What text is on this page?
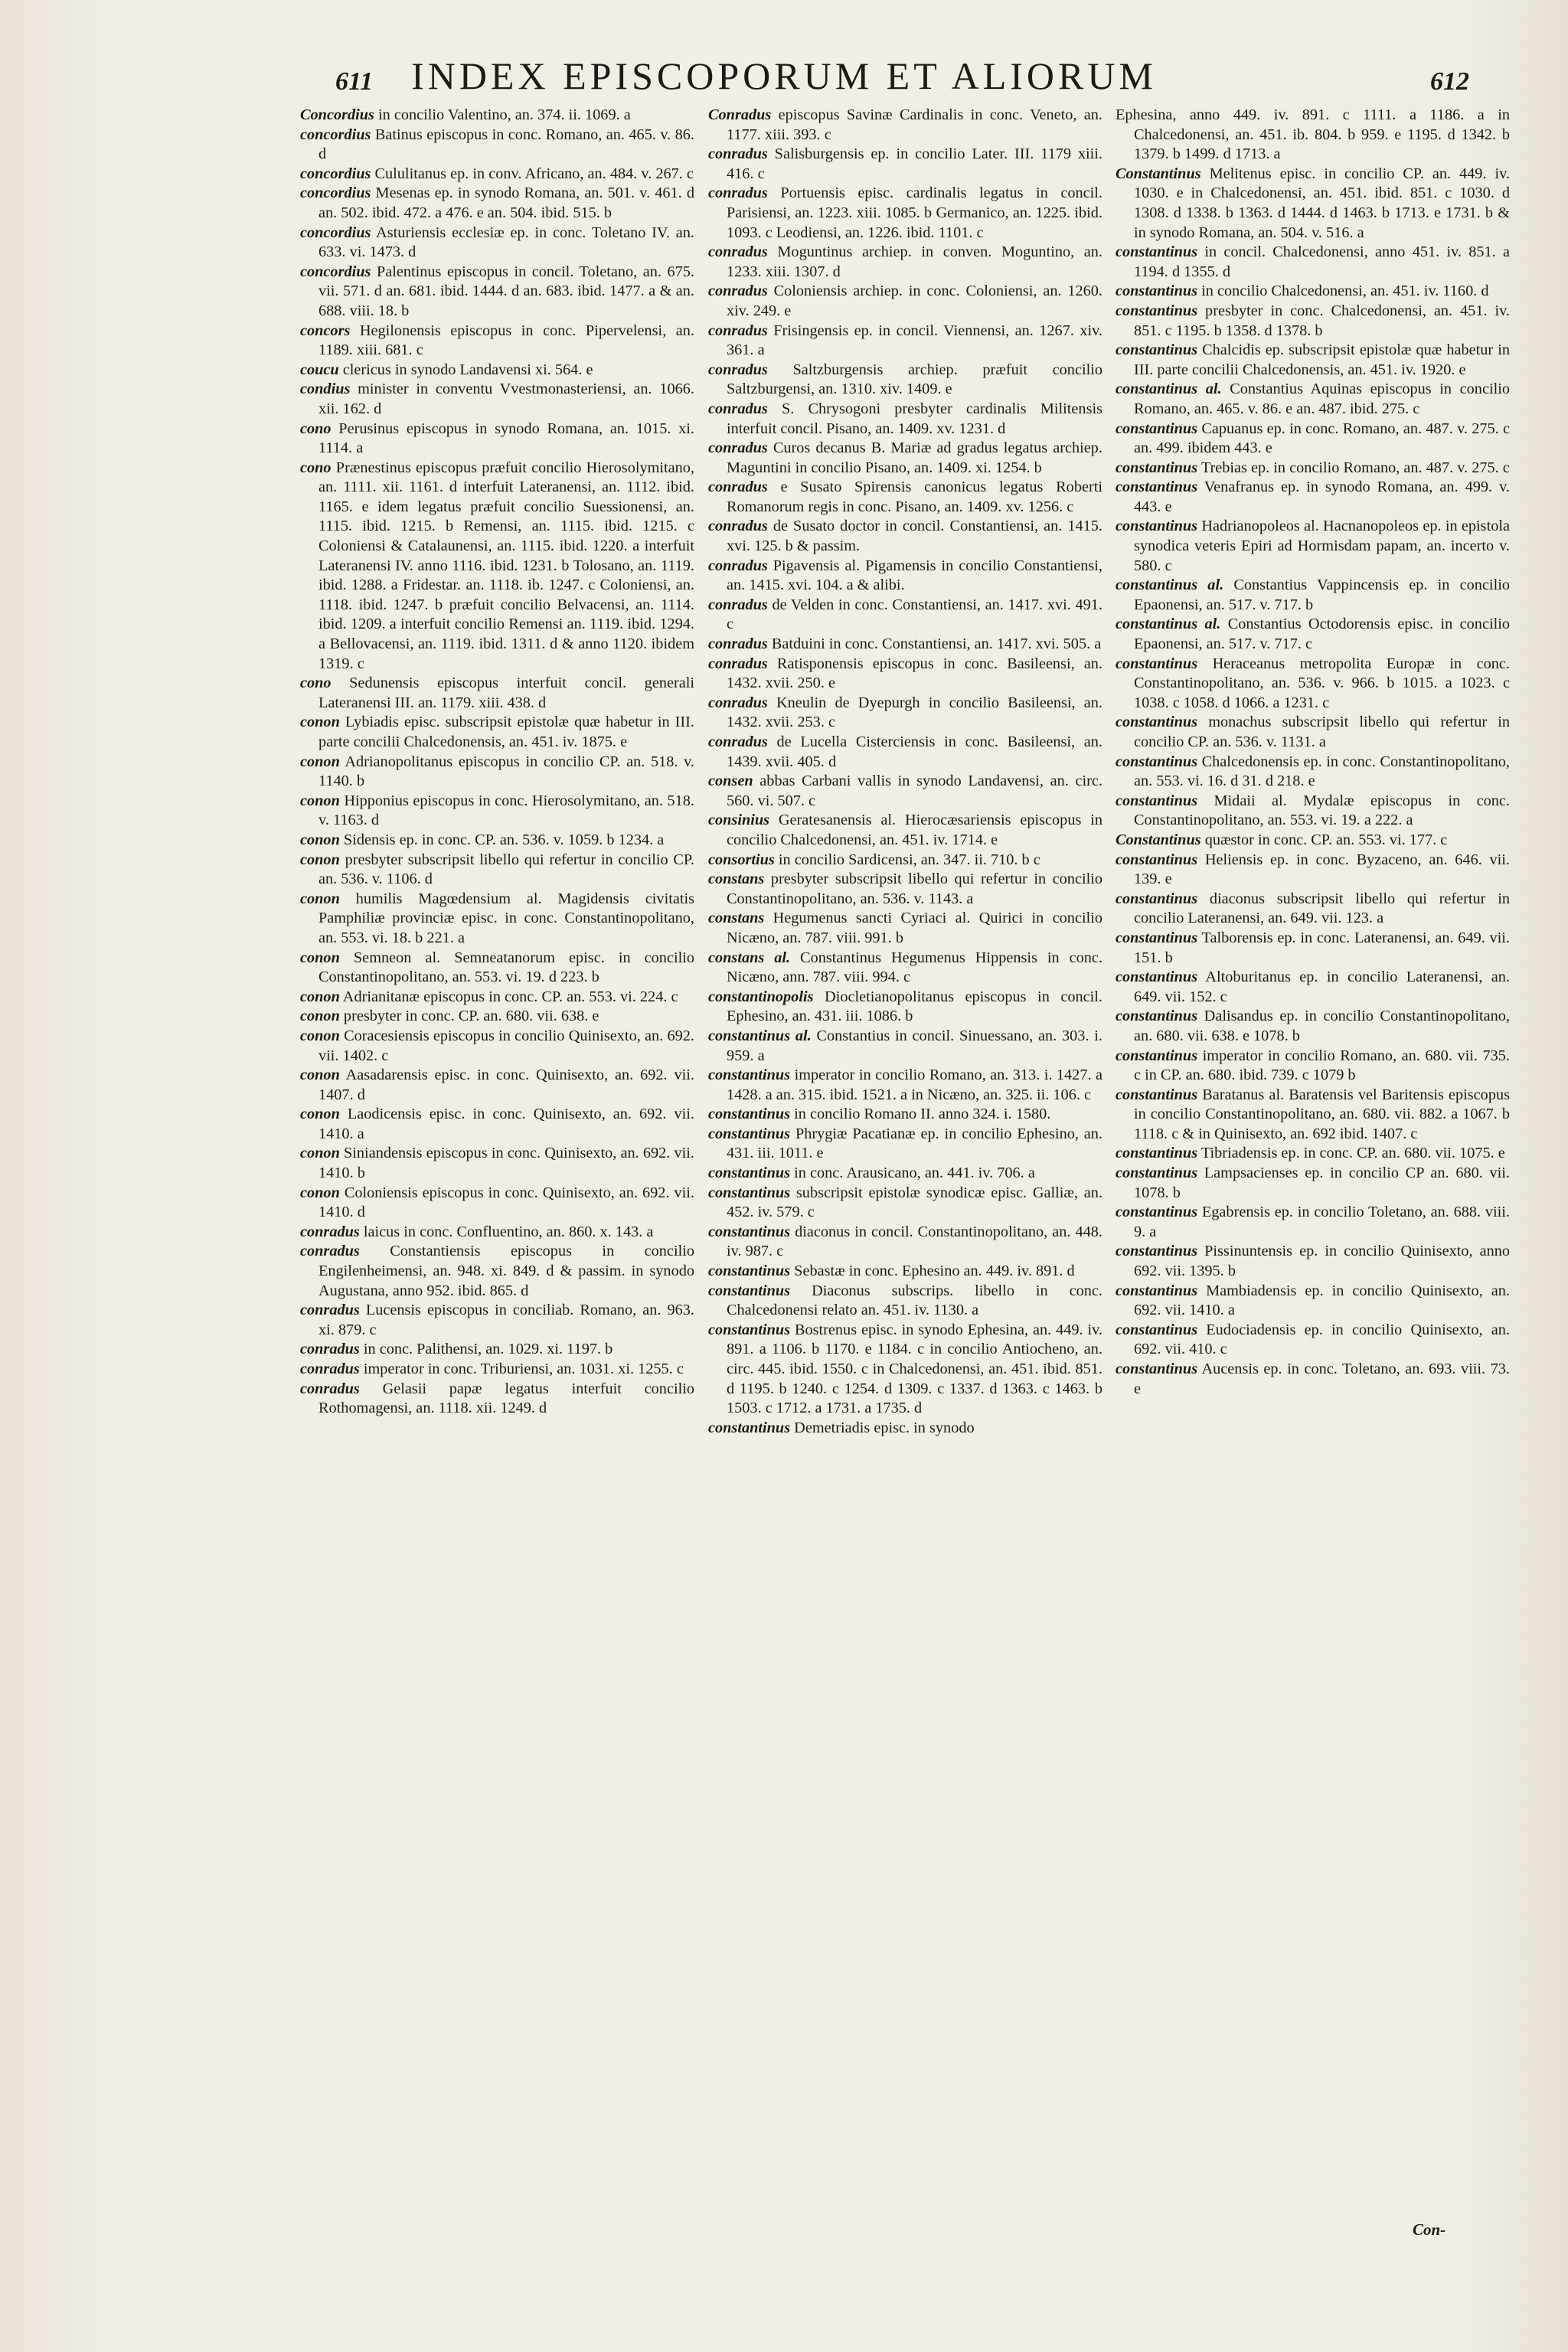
611 INDEX EPISCOPORUM ET ALIORUM	612

Concordius in concilio Valentino, an. 374. ii. 1069. a

concordius Batinus episcopus in conc. Romano, an. 465. v. 86. d

concordius Cululitanus ep. in conv. Africano, an. 484. v. 267. c

concordius Mesenas ep. in synodo Romana, an. 501. v. 461. d an. 502. ibid. 472. a 476. e an. 504. ibid. 515. b

concordius Asturiensis ecclesiæ ep. in conc. Toletano IV. an. 633. vi. 1473. d

concordius Palentinus episcopus in concil. Toletano, an. 675. vii. 571. d an. 681. ibid. 1444. d an. 683. ibid. 1477. a & an. 688. viii. 18. b

concors Hegilonensis episcopus in conc. Pipervelensi, an. 1189. xiii. 681. c

coucu clericus in synodo Landavensi xi. 564. e

condius minister in conventu Vvestmonasteriensi, an. 1066. xii. 162. d

cono Perusinus episcopus in synodo Romana, an. 1015. xi. 1114. a

cono Prænestinus episcopus præfuit concilio Hierosolymitano, an. 1111. xii. 1161. d interfuit Lateranensi, an. 1112. ibid. 1165. e idem legatus præfuit concilio Suessionensi, an. 1115. ibid. 1215. b Remensi, an. 1115. ibid. 1215. c Coloniensi & Catalaunensi, an. 1115. ibid. 1220. a interfuit Lateranensi IV. anno 1116. ibid. 1231. b Tolosano, an. 1119. ibid. 1288. a Fridestar. an. 1118. ib. 1247. c Coloniensi, an. 1118. ibid. 1247. b præfuit concilio Belvacensi, an. 1114. ibid. 1209. a interfuit concilio Remensi an. 1119. ibid. 1294. a Bellovacensi, an. 1119. ibid. 1311. d & anno 1120. ibidem 1319. c

cono Sedunensis episcopus interfuit concil. generali Lateranensi III. an. 1179. xiii. 438. d

conon Lybiadis episc. subscripsit epistolæ quæ habetur in III. parte concilii Chalcedonensis, an. 451. iv. 1875. e

conon Adrianopolitanus episcopus in concilio CP. an. 518. v. 1140. b

conon Hipponius episcopus in conc. Hierosolymitano, an. 518. v. 1163. d

conon Sidensis ep. in conc. CP. an. 536. v. 1059. b 1234. a

conon presbyter subscripsit libello qui refertur in concilio CP. an. 536. v. 1106. d

conon humilis Magœdensium al. Magidensis civitatis Pamphiliæ provinciæ episc. in conc. Constantinopolitano, an. 553. vi. 18. b 221. a

conon Semneon al. Semneatanorum episc. in concilio Constantinopolitano, an. 553. vi. 19. d 223. b

conon Adrianitanæ episcopus in conc. CP. an. 553. vi. 224. c

conon presbyter in conc. CP. an. 680. vii. 638. e

conon Coracesiensis episcopus in concilio Quinisexto, an. 692. vii. 1402. c

conon Aasadarensis episc. in conc. Quinisexto, an. 692. vii. 1407. d

conon Laodicensis episc. in conc. Quinisexto, an. 692. vii. 1410. a

conon Siniandensis episcopus in conc. Quinisexto, an. 692. vii. 1410. b

conon Coloniensis episcopus in conc. Quinisexto, an. 692. vii. 1410. d

conradus laicus in conc. Confluentino, an. 860. x. 143. a

conradus Constantiensis episcopus in concilio Engilenheimensi, an. 948. xi. 849. d & passim. in synodo Augustana, anno 952. ibid. 865. d

conradus Lucensis episcopus in conciliab. Romano, an. 963. xi. 879. c

conradus in conc. Palithensi, an. 1029. xi. 1197. b

conradus imperator in conc. Triburiensi, an. 1031. xi. 1255. c

conradus Gelasii papæ legatus interfuit concilio Rothomagensi, an. 1118. xii. 1249. d

Conradus episcopus Savinæ Cardinalis in conc. Veneto, an. 1177. xiii. 393. c

conradus Salisburgensis ep. in concilio Later. III. 1179 xiii. 416. c

conradus Portuensis episc. cardinalis legatus in concil. Parisiensi, an. 1223. xiii. 1085. b Germanico, an. 1225. ibid. 1093. c Leodiensi, an. 1226. ibid. 1101. c

conradus Moguntinus archiep. in conven. Moguntino, an. 1233. xiii. 1307. d

conradus Coloniensis archiep. in conc. Coloniensi, an. 1260. xiv. 249. e

conradus Frisingensis ep. in concil. Viennensi, an. 1267. xiv. 361. a

conradus Saltzburgensis archiep. præfuit concilio Saltzburgensi, an. 1310. xiv. 1409. e

conradus S. Chrysogoni presbyter cardinalis Militensis interfuit concil. Pisano, an. 1409. xv. 1231. d

conradus Curos decanus B. Mariæ ad gradus legatus archiep. Maguntini in concilio Pisano, an. 1409. xi. 1254. b

conradus e Susato Spirensis canonicus legatus Roberti Romanorum regis in conc. Pisano, an. 1409. xv. 1256. c

conradus de Susato doctor in concil. Constantiensi, an. 1415. xvi. 125. b & passim.

conradus Pigavensis al. Pigamensis in concilio Constantiensi, an. 1415. xvi. 104. a & alibi.

conradus de Velden in conc. Constantiensi, an. 1417. xvi. 491. c

conradus Batduini in conc. Constantiensi, an. 1417. xvi. 505. a

conradus Ratisponensis episcopus in conc. Basileensi, an. 1432. xvii. 250. e

conradus Kneulin de Dyepurgh in concilio Basileensi, an. 1432. xvii. 253. c

conradus de Lucella Cisterciensis in conc. Basileensi, an. 1439. xvii. 405. d

consen abbas Carbani vallis in synodo Landavensi, an. circ. 560. vi. 507. c

consinius Geratesanensis al. Hierocæsariensis episcopus in concilio Chalcedonensi, an. 451. iv. 1714. e

consortius in concilio Sardicensi, an. 347. ii. 710. b c

constans presbyter subscripsit libello qui refertur in concilio Constantinopolitano, an. 536. v. 1143. a

constans Hegumenus sancti Cyriaci al. Quirici in concilio Nicæno, an. 787. viii. 991. b

constans al. Constantinus Hegumenus Hippensis in conc. Nicæno, ann. 787. viii. 994. c

constantinopolis Diocletianopolitanus episcopus in concil. Ephesino, an. 431. iii. 1086. b

constantinus al. Constantius in concil. Sinuessano, an. 303. i. 959. a

constantinus imperator in concilio Romano, an. 313. i. 1427. a 1428. a an. 315. ibid. 1521. a in Nicæno, an. 325. ii. 106. c

constantinus in concilio Romano II. anno 324. i. 1580.

constantinus Phrygiæ Pacatianæ ep. in concilio Ephesino, an. 431. iii. 1011. e

constantinus in conc. Arausicano, an. 441. iv. 706. a

constantinus subscripsit epistolæ synodicæ episc. Galliæ, an. 452. iv. 579. c

constantinus diaconus in concil. Constantinopolitano, an. 448. iv. 987. c

constantinus Sebastæ in conc. Ephesino an. 449. iv. 891. d

constantinus Diaconus subscrips. libello in conc. Chalcedonensi relato an. 451. iv. 1130. a

constantinus Bostrenus episc. in synodo Ephesina, an. 449. iv. 891. a 1106. b 1170. e 1184. c in concilio Antiocheno, an. circ. 445. ibid. 1550. c in Chalcedonensi, an. 451. ibid. 851. d 1195. b 1240. c 1254. d 1309. c 1337. d 1363. c 1463. b 1503. c 1712. a 1731. a 1735. d

constantinus Demetriadis episc. in synodo

Ephesina, anno 449. iv. 891. c 1111. a 1186. a in Chalcedonensi, an. 451. ib. 804. b 959. e 1195. d 1342. b 1379. b 1499. d 1713. a

Constantinus Melitenus episc. in concilio CP. an. 449. iv. 1030. e in Chalcedonensi, an. 451. ibid. 851. c 1030. d 1308. d 1338. b 1363. d 1444. d 1463. b 1713. e 1731. b & in synodo Romana, an. 504. v. 516. a

constantinus in concil. Chalcedonensi, anno 451. iv. 851. a 1194. d 1355. d

constantinus in concilio Chalcedonensi, an. 451. iv. 1160. d

constantinus presbyter in conc. Chalcedonensi, an. 451. iv. 851. c 1195. b 1358. d 1378. b

constantinus Chalcidis ep. subscripsit epistolæ quæ habetur in III. parte concilii Chalcedonensis, an. 451. iv. 1920. e

constantinus al. Constantius Aquinas episcopus in concilio Romano, an. 465. v. 86. e an. 487. ibid. 275. c

constantinus Capuanus ep. in conc. Romano, an. 487. v. 275. c an. 499. ibidem 443. e

constantinus Trebias ep. in concilio Romano, an. 487. v. 275. c

constantinus Venafranus ep. in synodo Romana, an. 499. v. 443. e

constantinus Hadrianopoleos al. Hacnanopoleos ep. in epistola synodica veteris Epiri ad Hormisdam papam, an. incerto v. 580. c

constantinus al. Constantius Vappincensis ep. in concilio Epaonensi, an. 517. v. 717. b

constantinus al. Constantius Octodorensis episc. in concilio Epaonensi, an. 517. v. 717. c

constantinus Heraceanus metropolita Europæ in conc. Constantinopolitano, an. 536. v. 966. b 1015. a 1023. c 1038. c 1058. d 1066. a 1231. c

constantinus monachus subscripsit libello qui refertur in concilio CP. an. 536. v. 1131. a

constantinus Chalcedonensis ep. in conc. Constantinopolitano, an. 553. vi. 16. d 31. d 218. e

constantinus Midaii al. Mydalæ episcopus in conc. Constantinopolitano, an. 553. vi. 19. a 222. a

Constantinus quæstor in conc. CP. an. 553. vi. 177. c

constantinus Heliensis ep. in conc. Byzaceno, an. 646. vii. 139. e

constantinus diaconus subscripsit libello qui refertur in concilio Lateranensi, an. 649. vii. 123. a

constantinus Talborensis ep. in conc. Lateranensi, an. 649. vii. 151. b

constantinus Altoburitanus ep. in concilio Lateranensi, an. 649. vii. 152. c

constantinus Dalisandus ep. in concilio Constantinopolitano, an. 680. vii. 638. e 1078. b

constantinus imperator in concilio Romano, an. 680. vii. 735. c in CP. an. 680. ibid. 739. c 1079 b

constantinus Baratanus al. Baratensis vel Baritensis episcopus in concilio Constantinopolitano, an. 680. vii. 882. a 1067. b 1118. c & in Quinisexto, an. 692 ibid. 1407. c

constantinus Tibriadensis ep. in conc. CP. an. 680. vii. 1075. e

constantinus Lampsacienses ep. in concilio CP an. 680. vii. 1078. b

constantinus Egabrensis ep. in concilio Toletano, an. 688. viii. 9. a

constantinus Pissinuntensis ep. in concilio Quinisexto, anno 692. vii. 1395. b

constantinus Mambiadensis ep. in concilio Quinisexto, an. 692. vii. 1410. a

constantinus Eudociadensis ep. in concilio Quinisexto, an. 692. vii. 410. c

constantinus Aucensis ep. in conc. Toletano, an. 693. viii. 73. e

Con-
